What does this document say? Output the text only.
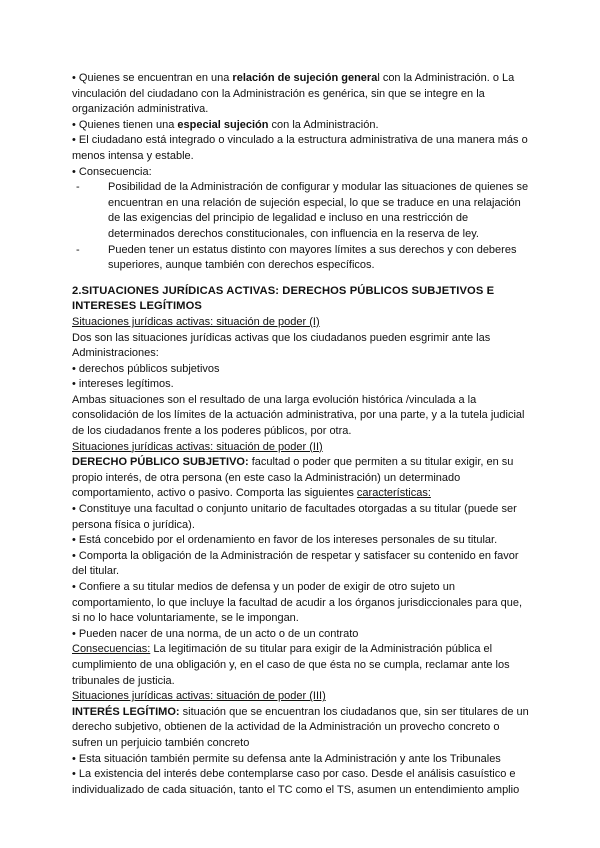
• Quienes se encuentran en una relación de sujeción general con la Administración. o La vinculación del ciudadano con la Administración es genérica, sin que se integre en la organización administrativa.

• Quienes tienen una especial sujeción con la Administración.

• El ciudadano está integrado o vinculado a la estructura administrativa de una manera más o menos intensa y estable.

• Consecuencia:

-	Posibilidad de la Administración de configurar y modular las situaciones de quienes se encuentran en una relación de sujeción especial, lo que se traduce en una relajación de las exigencias del principio de legalidad e incluso en una restricción de determinados derechos constitucionales, con influencia en la reserva de ley.
-	Pueden tener un estatus distinto con mayores límites a sus derechos y con deberes superiores, aunque también con derechos específicos.

2.SITUACIONES JURÍDICAS ACTIVAS: DERECHOS PÚBLICOS SUBJETIVOS E INTERESES LEGÍTIMOS

Situaciones jurídicas activas: situación de poder (I)

Dos son las situaciones jurídicas activas que los ciudadanos pueden esgrimir ante las Administraciones:

• derechos públicos subjetivos

• intereses legítimos.

Ambas situaciones son el resultado de una larga evolución histórica /vinculada a la consolidación de los límites de la actuación administrativa, por una parte, y a la tutela judicial de los ciudadanos frente a los poderes públicos, por otra.

Situaciones jurídicas activas: situación de poder (II)

DERECHO PÚBLICO SUBJETIVO: facultad o poder que permiten a su titular exigir, en su propio interés, de otra persona (en este caso la Administración) un determinado comportamiento, activo o pasivo. Comporta las siguientes características:

• Constituye una facultad o conjunto unitario de facultades otorgadas a su titular (puede ser persona física o jurídica).

• Está concebido por el ordenamiento en favor de los intereses personales de su titular.

• Comporta la obligación de la Administración de respetar y satisfacer su contenido en favor del titular.

• Confiere a su titular medios de defensa y un poder de exigir de otro sujeto un comportamiento, lo que incluye la facultad de acudir a los órganos jurisdiccionales para que, si no lo hace voluntariamente, se le impongan.

• Pueden nacer de una norma, de un acto o de un contrato

Consecuencias: La legitimación de su titular para exigir de la Administración pública el cumplimiento de una obligación y, en el caso de que ésta no se cumpla, reclamar ante los tribunales de justicia.

Situaciones jurídicas activas: situación de poder (III)

INTERÉS LEGÍTIMO: situación que se encuentran los ciudadanos que, sin ser titulares de un derecho subjetivo, obtienen de la actividad de la Administración un provecho concreto o sufren un perjuicio también concreto

• Esta situación también permite su defensa ante la Administración y ante los Tribunales

• La existencia del interés debe contemplarse caso por caso. Desde el análisis casuístico e individualizado de cada situación, tanto el TC como el TS, asumen un entendimiento amplio
